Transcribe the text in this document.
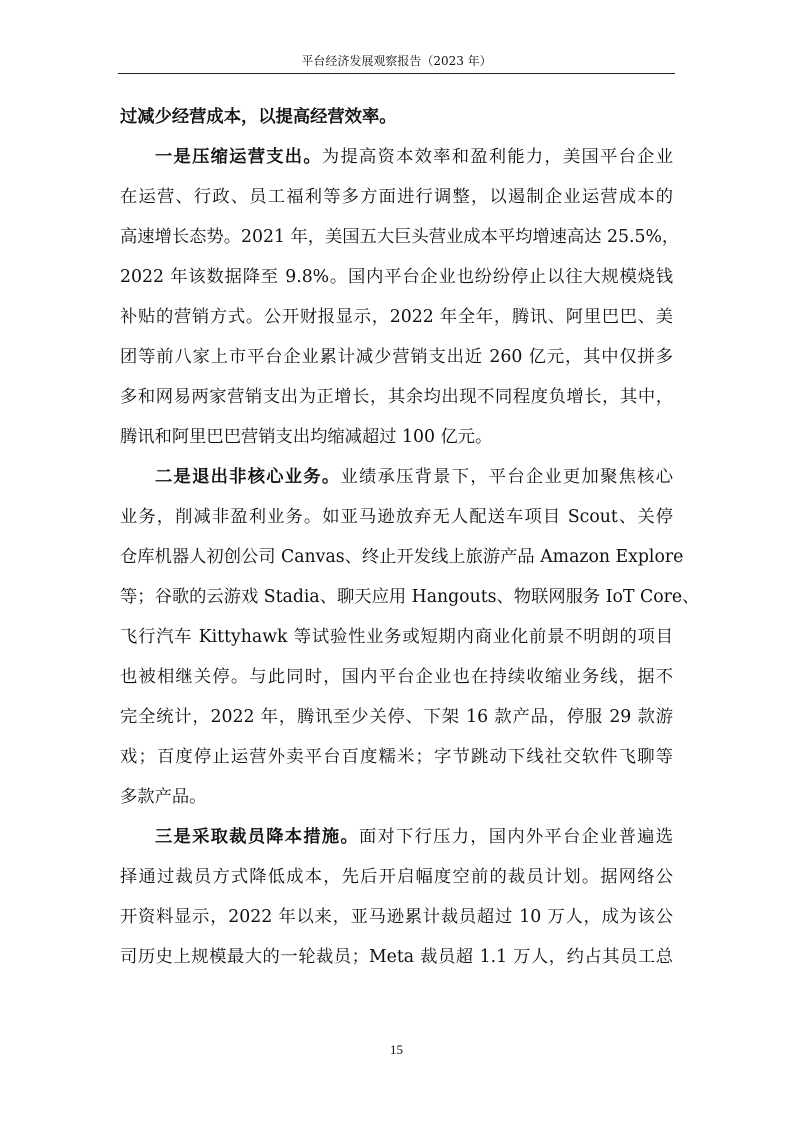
平台经济发展观察报告（2023 年）
过减少经营成本，以提高经营效率。
一是压缩运营支出。为提高资本效率和盈利能力，美国平台企业
在运营、行政、员工福利等多方面进行调整，以遏制企业运营成本的
高速增长态势。2021 年，美国五大巨头营业成本平均增速高达 25.5%，
2022 年该数据降至 9.8%。国内平台企业也纷纷停止以往大规模烧钱
补贴的营销方式。公开财报显示，2022 年全年，腾讯、阿里巴巴、美
团等前八家上市平台企业累计减少营销支出近 260 亿元，其中仅拼多
多和网易两家营销支出为正增长，其余均出现不同程度负增长，其中，
腾讯和阿里巴巴营销支出均缩减超过 100 亿元。
二是退出非核心业务。业绩承压背景下，平台企业更加聚焦核心
业务，削减非盈利业务。如亚马逊放弃无人配送车项目 Scout、关停
仓库机器人初创公司 Canvas、终止开发线上旅游产品 Amazon Explore
等；谷歌的云游戏 Stadia、聊天应用 Hangouts、物联网服务 IoT Core、
飞行汽车 Kittyhawk 等试验性业务或短期内商业化前景不明朗的项目
也被相继关停。与此同时，国内平台企业也在持续收缩业务线，据不
完全统计，2022 年，腾讯至少关停、下架 16 款产品，停服 29 款游
戏；百度停止运营外卖平台百度糯米；字节跳动下线社交软件飞聊等
多款产品。
三是采取裁员降本措施。面对下行压力，国内外平台企业普遍选
择通过裁员方式降低成本，先后开启幅度空前的裁员计划。据网络公
开资料显示，2022 年以来，亚马逊累计裁员超过 10 万人，成为该公
司历史上规模最大的一轮裁员；Meta 裁员超 1.1 万人，约占其员工总
15
